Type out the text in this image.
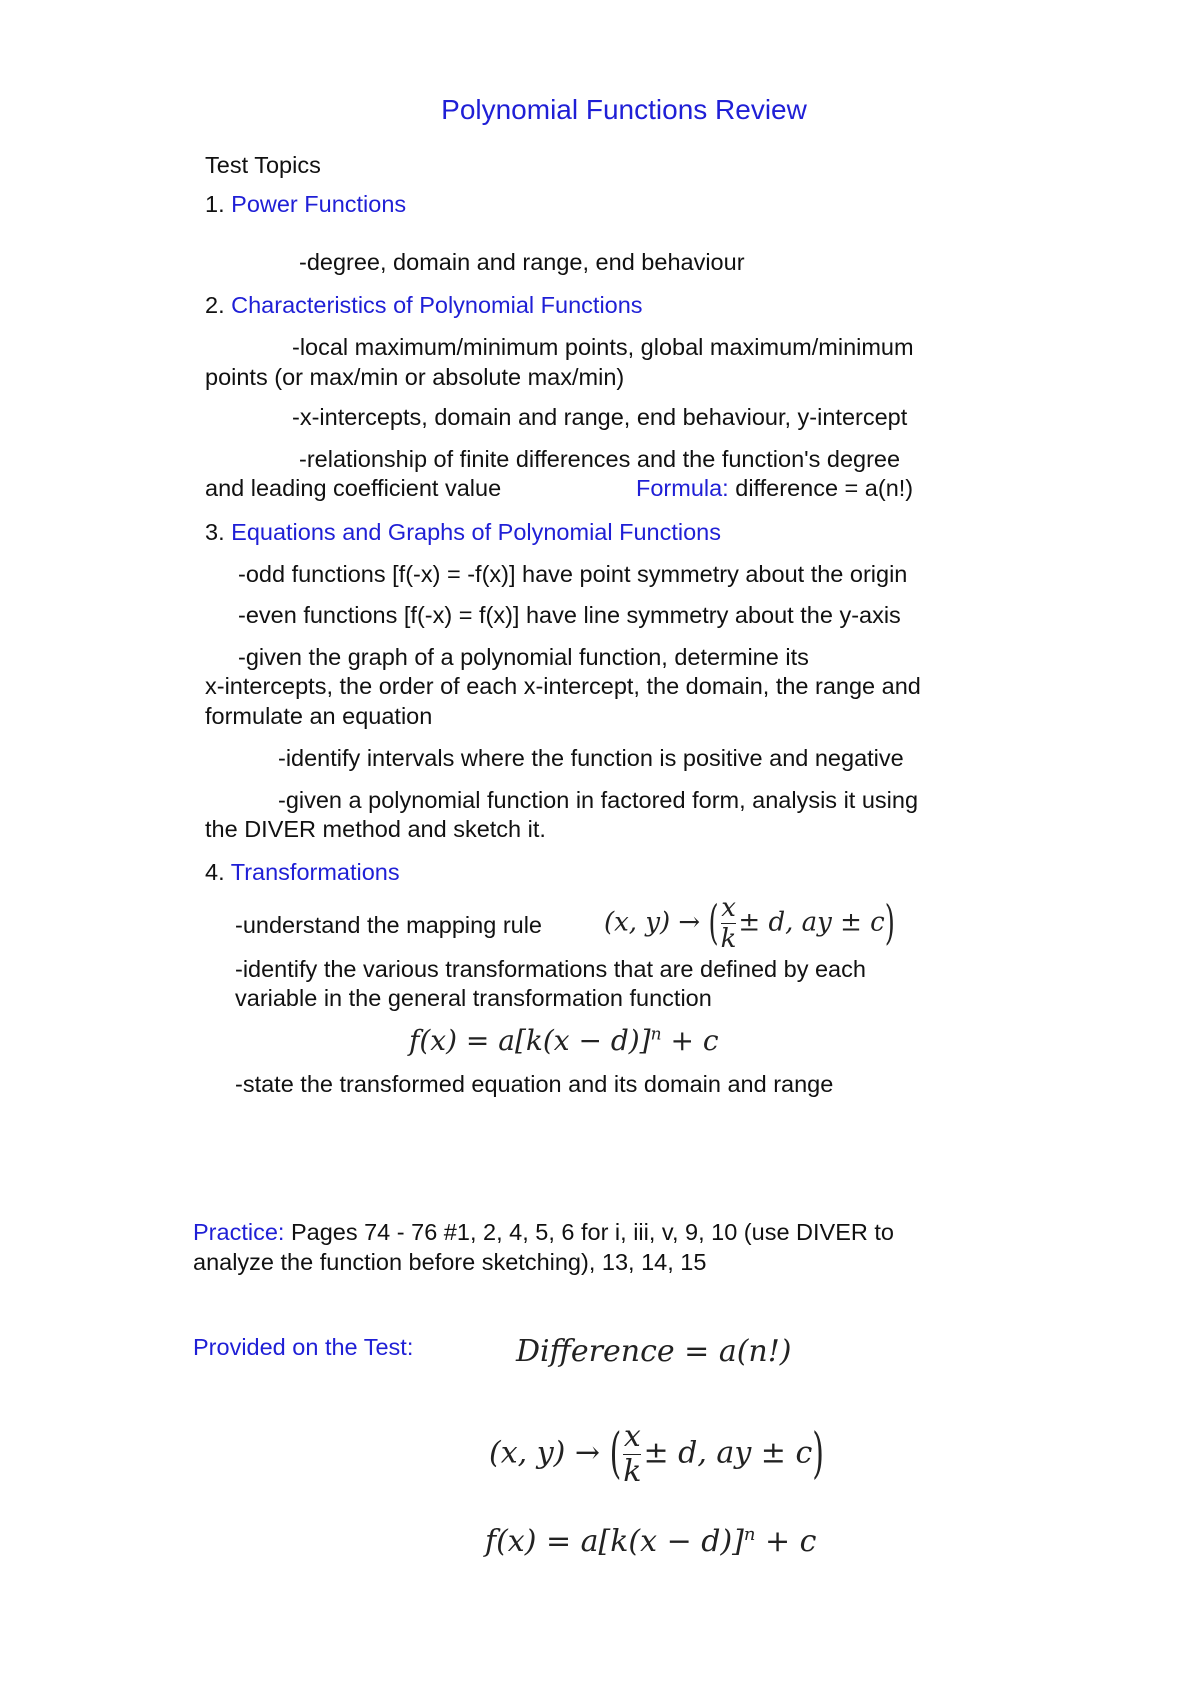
Polynomial Functions Review

Test Topics

1. Power Functions

-degree, domain and range, end behaviour

2. Characteristics of Polynomial Functions

-local maximum/minimum points, global maximum/minimum

points (or max/min or absolute max/min)

-x-intercepts, domain and range, end behaviour, y-intercept

-relationship of finite differences and the function's degree

and leading coefficient value	Formula: difference = a(n!)

3. Equations and Graphs of Polynomial Functions

-odd functions [f(-x) = -f(x)] have point symmetry about the origin

-even functions [f(-x) = f(x)] have line symmetry about the y-axis

-given the graph of a polynomial function, determine its

x-intercepts, the order of each x-intercept, the domain, the range and

formulate an equation

-identify intervals where the function is positive and negative

-given a polynomial function in factored form, analysis it using

the DIVER method and sketch it.

4. Transformations

-understand the mapping rule (x, y) → ( $\frac{x}{k} \pm d$, ay ± c)

-identify the various transformations that are defined by each

variable in the general transformation function

$f(x) = a[k(x - d)]^n + c$

-state the transformed equation and its domain and range

Practice: Pages 74 - 76 #1, 2, 4, 5, 6 for i, iii, v, 9, 10 (use DIVER to

analyze the function before sketching), 13, 14, 15

Provided on the Test:	Difference = a(n!)
(x, y) → ( $\frac{x}{k} \pm d$, ay ± c)
$f(x) = a[k(x - d)]^n + c$
